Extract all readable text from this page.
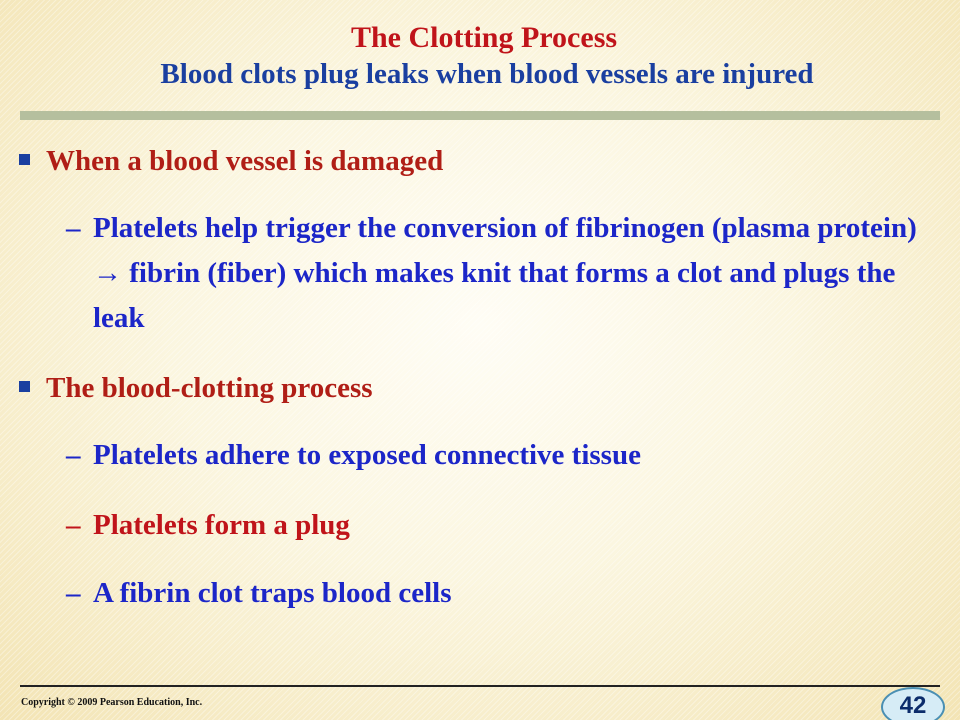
The Clotting Process
Blood clots plug leaks when blood vessels are injured
When a blood vessel is damaged
– Platelets help trigger the conversion of fibrinogen (plasma protein) → fibrin (fiber) which makes knit that forms a clot and plugs the leak
The blood-clotting process
– Platelets adhere to exposed connective tissue
– Platelets form a plug
– A fibrin clot traps blood cells
Copyright © 2009 Pearson Education, Inc.	42
